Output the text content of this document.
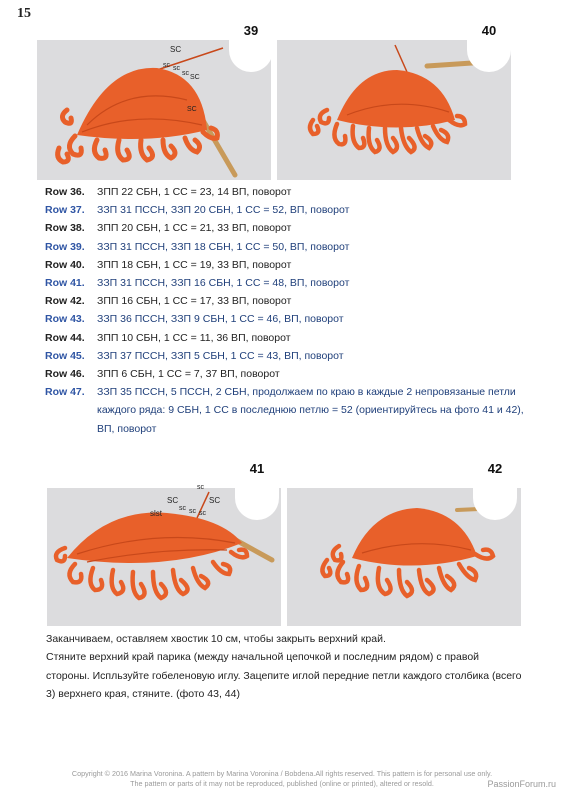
15
39
SC
sc sc
sc
SC
SC
40
Row 36.	ЗПП 22 СБН, 1 СС = 23, 14 ВП, поворот
Row 37.	ЗЗП 31 ПССН, ЗЗП 20 СБН, 1 СС = 52, ВП, поворот
Row 38.	ЗПП 20 СБН, 1 СС = 21, 33 ВП, поворот
Row 39.	ЗЗП 31 ПССН, ЗЗП 18 СБН, 1 СС = 50, ВП, поворот
Row 40.	ЗПП 18 СБН, 1 СС = 19, 33 ВП, поворот
Row 41.	ЗЗП 31 ПССН, ЗЗП 16 СБН, 1 СС = 48, ВП, поворот
Row 42.	ЗПП 16 СБН, 1 СС = 17, 33 ВП, поворот
Row 43.	ЗЗП 36 ПССН, ЗЗП 9 СБН, 1 СС = 46, ВП, поворот
Row 44.	ЗПП 10 СБН, 1 СС = 11, 36 ВП, поворот
Row 45.	ЗЗП 37 ПССН, ЗЗП 5 СБН, 1 СС = 43, ВП, поворот
Row 46.	ЗПП 6 СБН, 1 СС = 7, 37 ВП, поворот
Row 47.	ЗЗП 35 ПССН, 5 ПССН, 2 СБН, продолжаем по краю в каждые 2 непровязаные петли каждого ряда: 9 СБН, 1 СС в последнюю петлю = 52 (ориентируйтесь на фото 41 и 42), ВП, поворот
41
sc
SC
slst
sc sc sc
SC
42

Заканчиваем, оставляем хвостик 10 см, чтобы закрыть верхний край.

Стяните верхний край парика (между начальной цепочкой и последним рядом) с правой стороны. Испльзуйте гобеленовую иглу. Зацепите иглой передние петли каждого столбика (всего 3) верхнего края, стяните. (фото 43, 44)

Copyright © 2016 Marina Voronina. A pattern by Marina Voronina / Bobdena.All rights reserved. This pattern is for personal use only.
The pattern or parts of it may not be reproduced, published (online or printed), altered or resold.	PassionForum.ru
